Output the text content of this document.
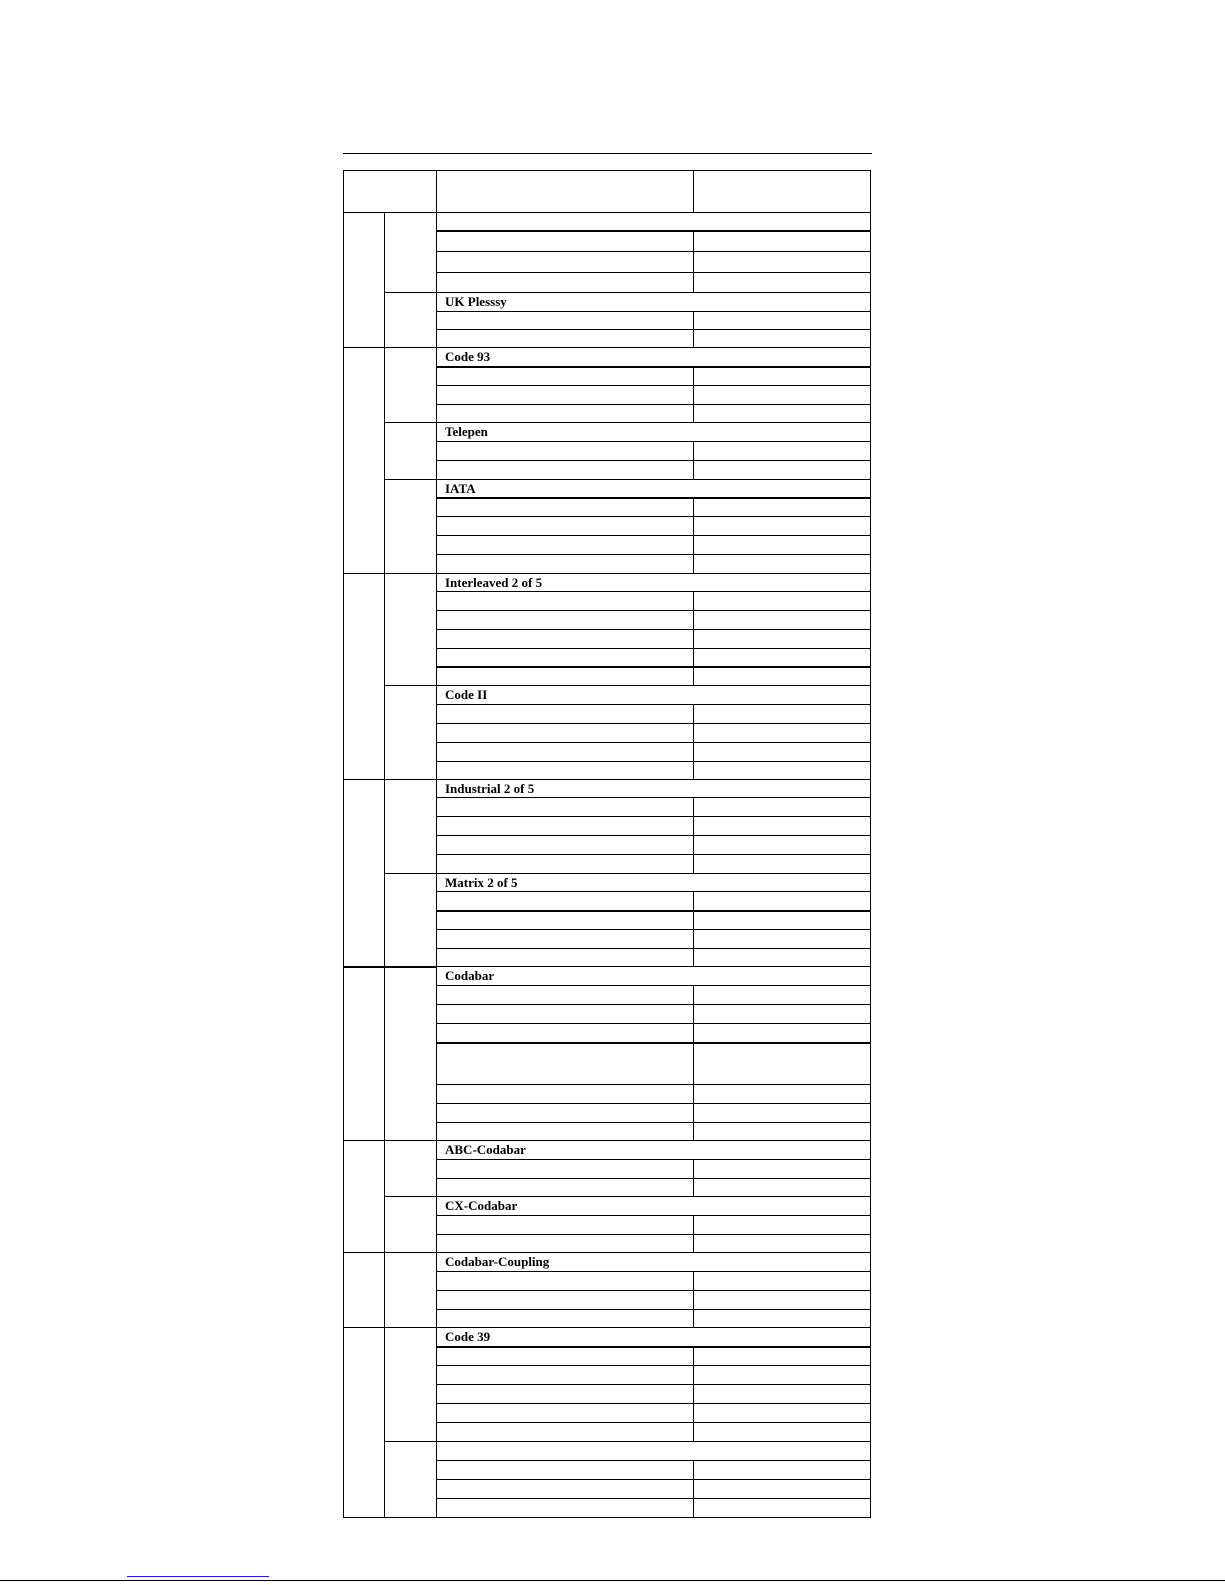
UK Plesssy
Code 93
Telepen
IATA
Interleaved 2 of 5
Code II
Industrial 2 of 5
Matrix 2 of 5
Codabar
ABC-Codabar
CX-Codabar
Codabar-Coupling
Code 39
